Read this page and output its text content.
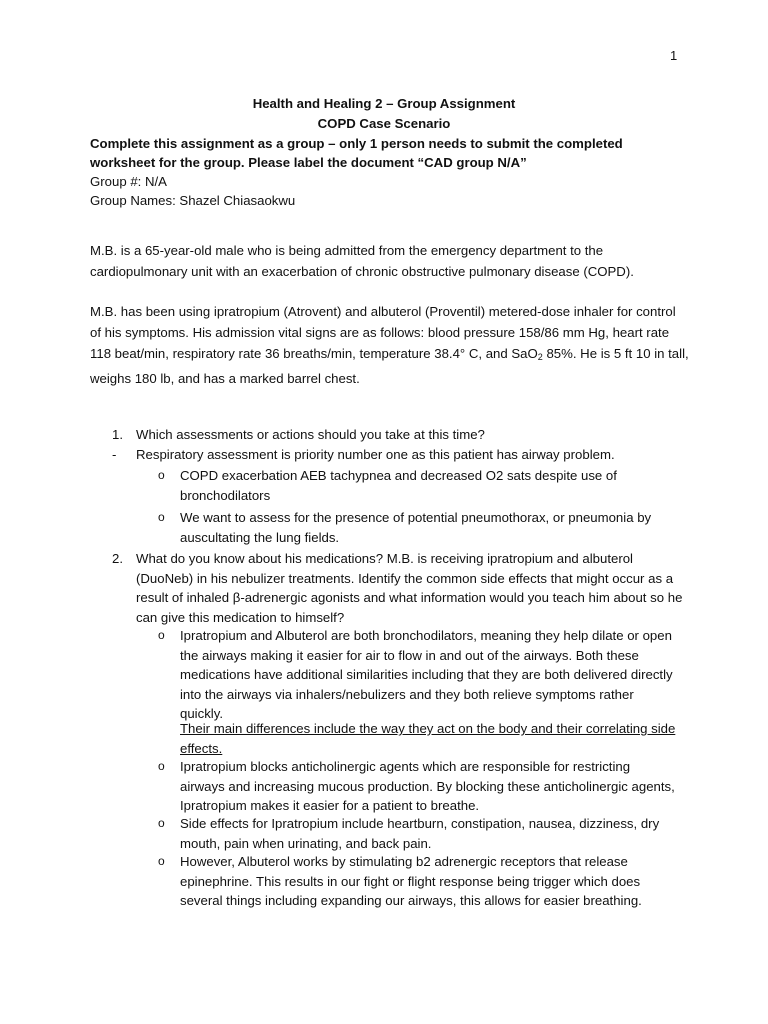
1
Health and Healing 2 – Group Assignment
COPD Case Scenario
Complete this assignment as a group – only 1 person needs to submit the completed worksheet for the group. Please label the document “CAD group N/A”
Group #: N/A
Group Names: Shazel Chiasaokwu
M.B. is a 65-year-old male who is being admitted from the emergency department to the cardiopulmonary unit with an exacerbation of chronic obstructive pulmonary disease (COPD).
M.B. has been using ipratropium (Atrovent) and albuterol (Proventil) metered-dose inhaler for control of his symptoms. His admission vital signs are as follows: blood pressure 158/86 mm Hg, heart rate 118 beat/min, respiratory rate 36 breaths/min, temperature 38.4° C, and SaO2 85%. He is 5 ft 10 in tall, weighs 180 lb, and has a marked barrel chest.
1. Which assessments or actions should you take at this time?
- Respiratory assessment is priority number one as this patient has airway problem.
o COPD exacerbation AEB tachypnea and decreased O2 sats despite use of bronchodilators
o We want to assess for the presence of potential pneumothorax, or pneumonia by auscultating the lung fields.
2. What do you know about his medications? M.B. is receiving ipratropium and albuterol (DuoNeb) in his nebulizer treatments. Identify the common side effects that might occur as a result of inhaled β-adrenergic agonists and what information would you teach him about so he can give this medication to himself?
o Ipratropium and Albuterol are both bronchodilators, meaning they help dilate or open the airways making it easier for air to flow in and out of the airways. Both these medications have additional similarities including that they are both delivered directly into the airways via inhalers/nebulizers and they both relieve symptoms rather quickly.
Their main differences include the way they act on the body and their correlating side effects.
o Ipratropium blocks anticholinergic agents which are responsible for restricting airways and increasing mucous production. By blocking these anticholinergic agents, Ipratropium makes it easier for a patient to breathe.
o Side effects for Ipratropium include heartburn, constipation, nausea, dizziness, dry mouth, pain when urinating, and back pain.
o However, Albuterol works by stimulating b2 adrenergic receptors that release epinephrine. This results in our fight or flight response being trigger which does several things including expanding our airways, this allows for easier breathing.
